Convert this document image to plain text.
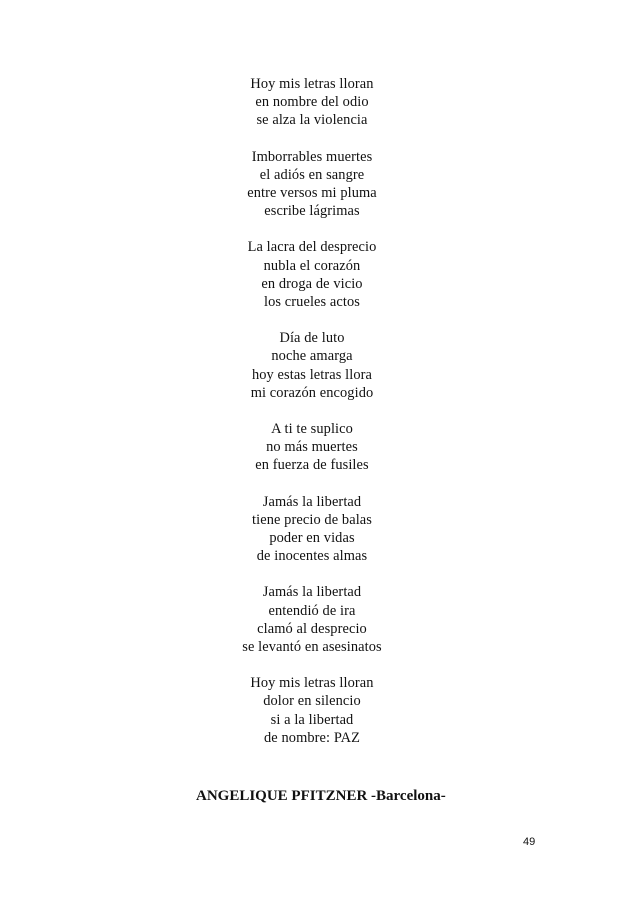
Hoy mis letras lloran
en nombre del odio
se alza la violencia
Imborrables muertes
el adiós en sangre
entre versos mi pluma
escribe lágrimas
La lacra del desprecio
nubla el corazón
en droga de vicio
los crueles actos
Día de luto
noche amarga
hoy estas letras llora
mi corazón encogido
A ti te suplico
no más muertes
en fuerza de fusiles
Jamás la libertad
tiene precio de balas
poder en vidas
de inocentes almas
Jamás la libertad
entendió de ira
clamó al desprecio
se levantó en asesinatos
Hoy mis letras lloran
dolor en silencio
si a la libertad
de nombre: PAZ
ANGELIQUE PFITZNER -Barcelona-
49
